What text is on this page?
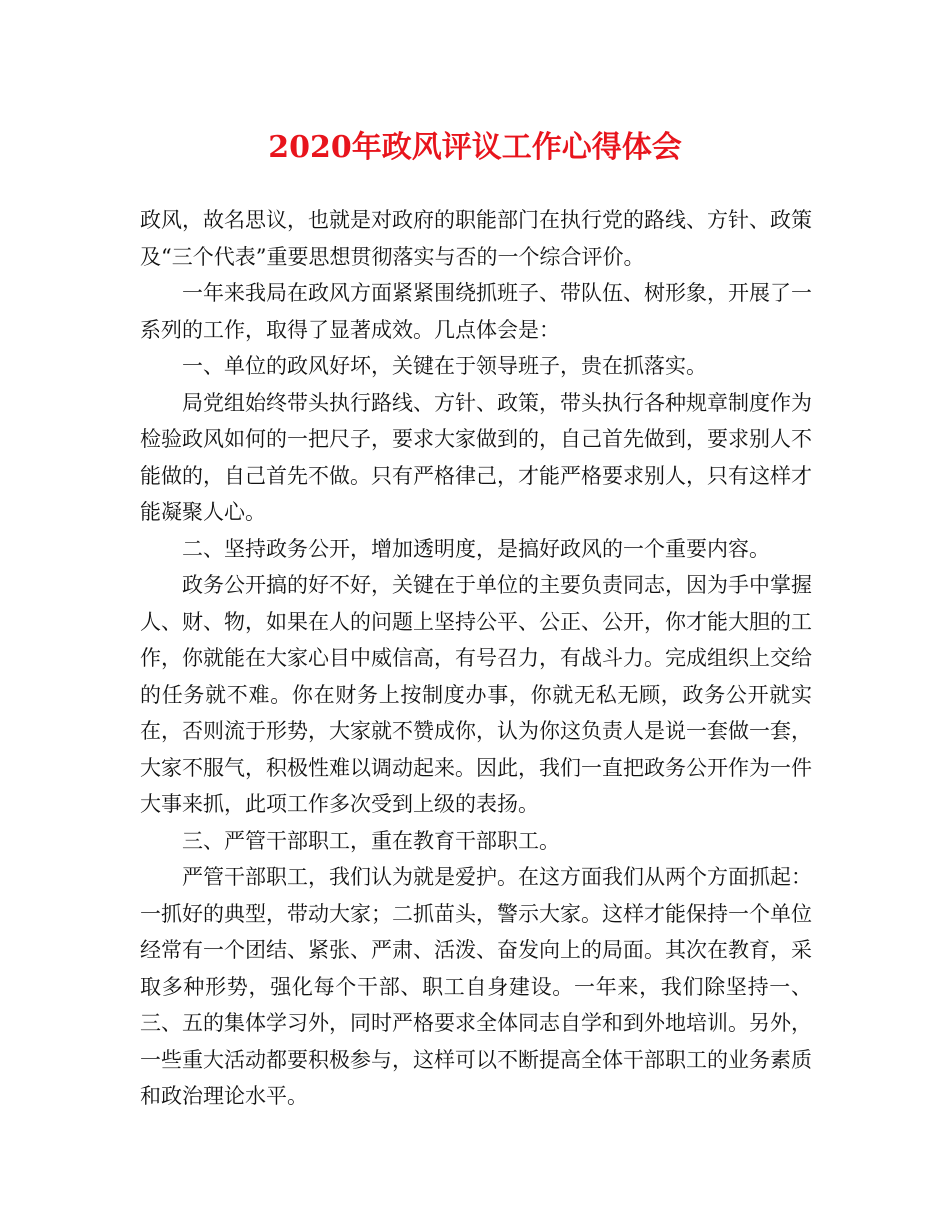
2020年政风评议工作心得体会

政风，故名思议，也就是对政府的职能部门在执行党的路线、方针、政策及“三个代表”重要思想贯彻落实与否的一个综合评价。

一年来我局在政风方面紧紧围绕抓班子、带队伍、树形象，开展了一系列的工作，取得了显著成效。几点体会是：

一、单位的政风好坏，关键在于领导班子，贵在抓落实。

局党组始终带头执行路线、方针、政策，带头执行各种规章制度作为检验政风如何的一把尺子，要求大家做到的，自己首先做到，要求别人不能做的，自己首先不做。只有严格律己，才能严格要求别人，只有这样才能凝聚人心。

二、坚持政务公开，增加透明度，是搞好政风的一个重要内容。

政务公开搞的好不好，关键在于单位的主要负责同志，因为手中掌握人、财、物，如果在人的问题上坚持公平、公正、公开，你才能大胆的工作，你就能在大家心目中威信高，有号召力，有战斗力。完成组织上交给的任务就不难。你在财务上按制度办事，你就无私无顾，政务公开就实在，否则流于形势，大家就不赞成你，认为你这负责人是说一套做一套，大家不服气，积极性难以调动起来。因此，我们一直把政务公开作为一件大事来抓，此项工作多次受到上级的表扬。

三、严管干部职工，重在教育干部职工。

严管干部职工，我们认为就是爱护。在这方面我们从两个方面抓起：一抓好的典型，带动大家；二抓苗头，警示大家。这样才能保持一个单位经常有一个团结、紧张、严肃、活泼、奋发向上的局面。其次在教育，采取多种形势，强化每个干部、职工自身建设。一年来，我们除坚持一、三、五的集体学习外，同时严格要求全体同志自学和到外地培训。另外，一些重大活动都要积极参与，这样可以不断提高全体干部职工的业务素质和政治理论水平。
